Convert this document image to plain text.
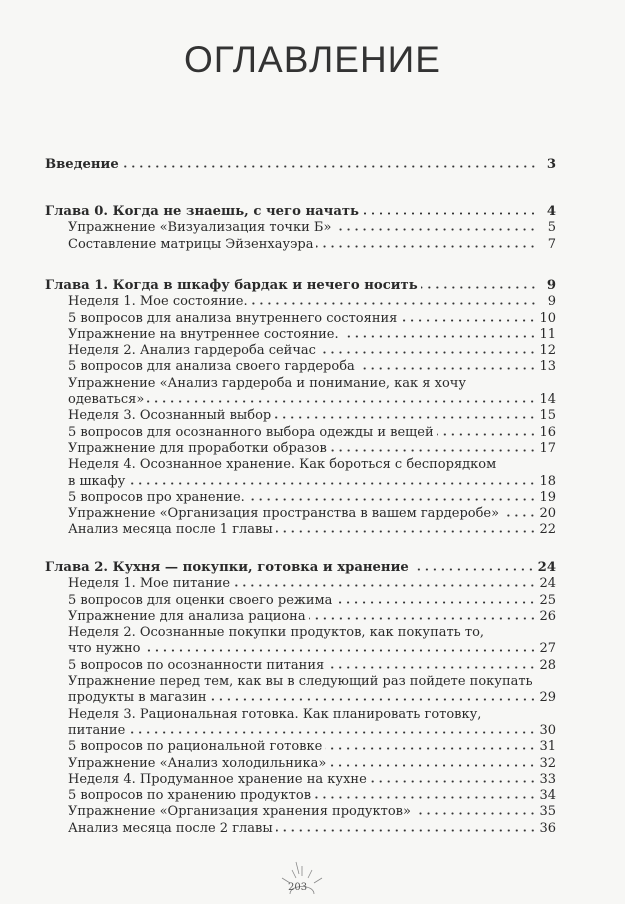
ОГЛАВЛЕНИЕ
Введение	3
Глава 0. Когда не знаешь, с чего начать	4
Упражнение «Визуализация точки Б»	5
Составление матрицы Эйзенхауэра	7
Глава 1. Когда в шкафу бардак и нечего носить	9
Неделя 1. Мое состояние.	9
5 вопросов для анализа внутреннего состояния	10
Упражнение на внутреннее состояние.	11
Неделя 2. Анализ гардероба сейчас	12
5 вопросов для анализа своего гардероба	13
Упражнение «Анализ гардероба и понимание, как я хочу
одеваться»	14
Неделя 3. Осознанный выбор	15
5 вопросов для осознанного выбора одежды и вещей	16
Упражнение для проработки образов	17
Неделя 4. Осознанное хранение. Как бороться с беспорядком
в шкафу	18
5 вопросов про хранение.	19
Упражнение «Организация пространства в вашем гардеробе»	20
Анализ месяца после 1 главы	22
Глава 2. Кухня — покупки, готовка и хранение	24
Неделя 1. Мое питание	24
5 вопросов для оценки своего режима	25
Упражнение для анализа рациона	26
Неделя 2. Осознанные покупки продуктов, как покупать то,
что нужно	27
5 вопросов по осознанности питания	28
Упражнение перед тем, как вы в следующий раз пойдете покупать
продукты в магазин	29
Неделя 3. Рациональная готовка. Как планировать готовку,
питание	30
5 вопросов по рациональной готовке	31
Упражнение «Анализ холодильника»	32
Неделя 4. Продуманное хранение на кухне	33
5 вопросов по хранению продуктов	34
Упражнение «Организация хранения продуктов»	35
Анализ месяца после 2 главы	36
203
